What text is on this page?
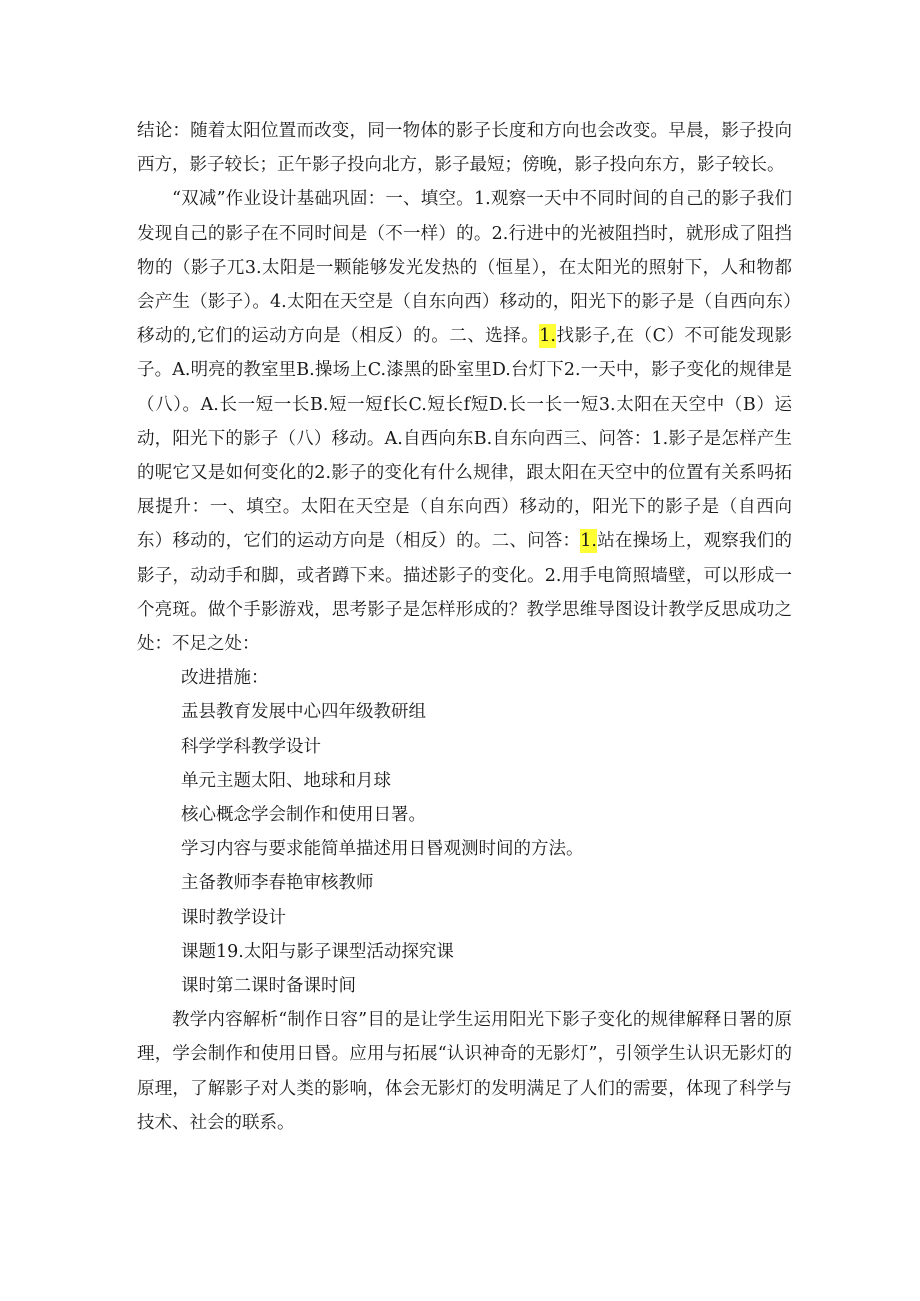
结论：随着太阳位置而改变，同一物体的影子长度和方向也会改变。早晨，影子投向西方，影子较长；正午影子投向北方，影子最短；傍晚，影子投向东方，影子较长。

“双减”作业设计基础巩固：一、填空。1.观察一天中不同时间的自己的影子我们发现自己的影子在不同时间是（不一样）的。2.行进中的光被阻挡时，就形成了阻挡物的（影子兀3.太阳是一颗能够发光发热的（恒星），在太阳光的照射下，人和物都会产生（影子）。4.太阳在天空是（自东向西）移动的，阳光下的影子是（自西向东）移动的,它们的运动方向是（相反）的。二、选择。1.找影子,在（C）不可能发现影子。A.明亮的教室里B.操场上C.漆黑的卧室里D.台灯下2.一天中，影子变化的规律是（八）。A.长一短一长B.短一短f长C.短长f短D.长一长一短3.太阳在天空中（B）运动，阳光下的影子（八）移动。A.自西向东B.自东向西三、问答：1.影子是怎样产生的呢它又是如何变化的2.影子的变化有什么规律，跟太阳在天空中的位置有关系吗拓展提升：一、填空。太阳在天空是（自东向西）移动的，阳光下的影子是（自西向东）移动的，它们的运动方向是（相反）的。二、问答：1.站在操场上，观察我们的影子，动动手和脚，或者蹲下来。描述影子的变化。2.用手电筒照墙壁，可以形成一个亮斑。做个手影游戏，思考影子是怎样形成的？教学思维导图设计教学反思成功之处：不足之处：

改进措施：

盂县教育发展中心四年级教研组

科学学科教学设计

单元主题太阳、地球和月球

核心概念学会制作和使用日署。

学习内容与要求能简单描述用日昬观测时间的方法。

主备教师李春艳审核教师

课时教学设计

课题19.太阳与影子课型活动探究课

课时第二课时备课时间

教学内容解析“制作日容”目的是让学生运用阳光下影子变化的规律解释日署的原理，学会制作和使用日昬。应用与拓展“认识神奇的无影灯”，引领学生认识无影灯的原理，了解影子对人类的影响，体会无影灯的发明满足了人们的需要，体现了科学与技术、社会的联系。
